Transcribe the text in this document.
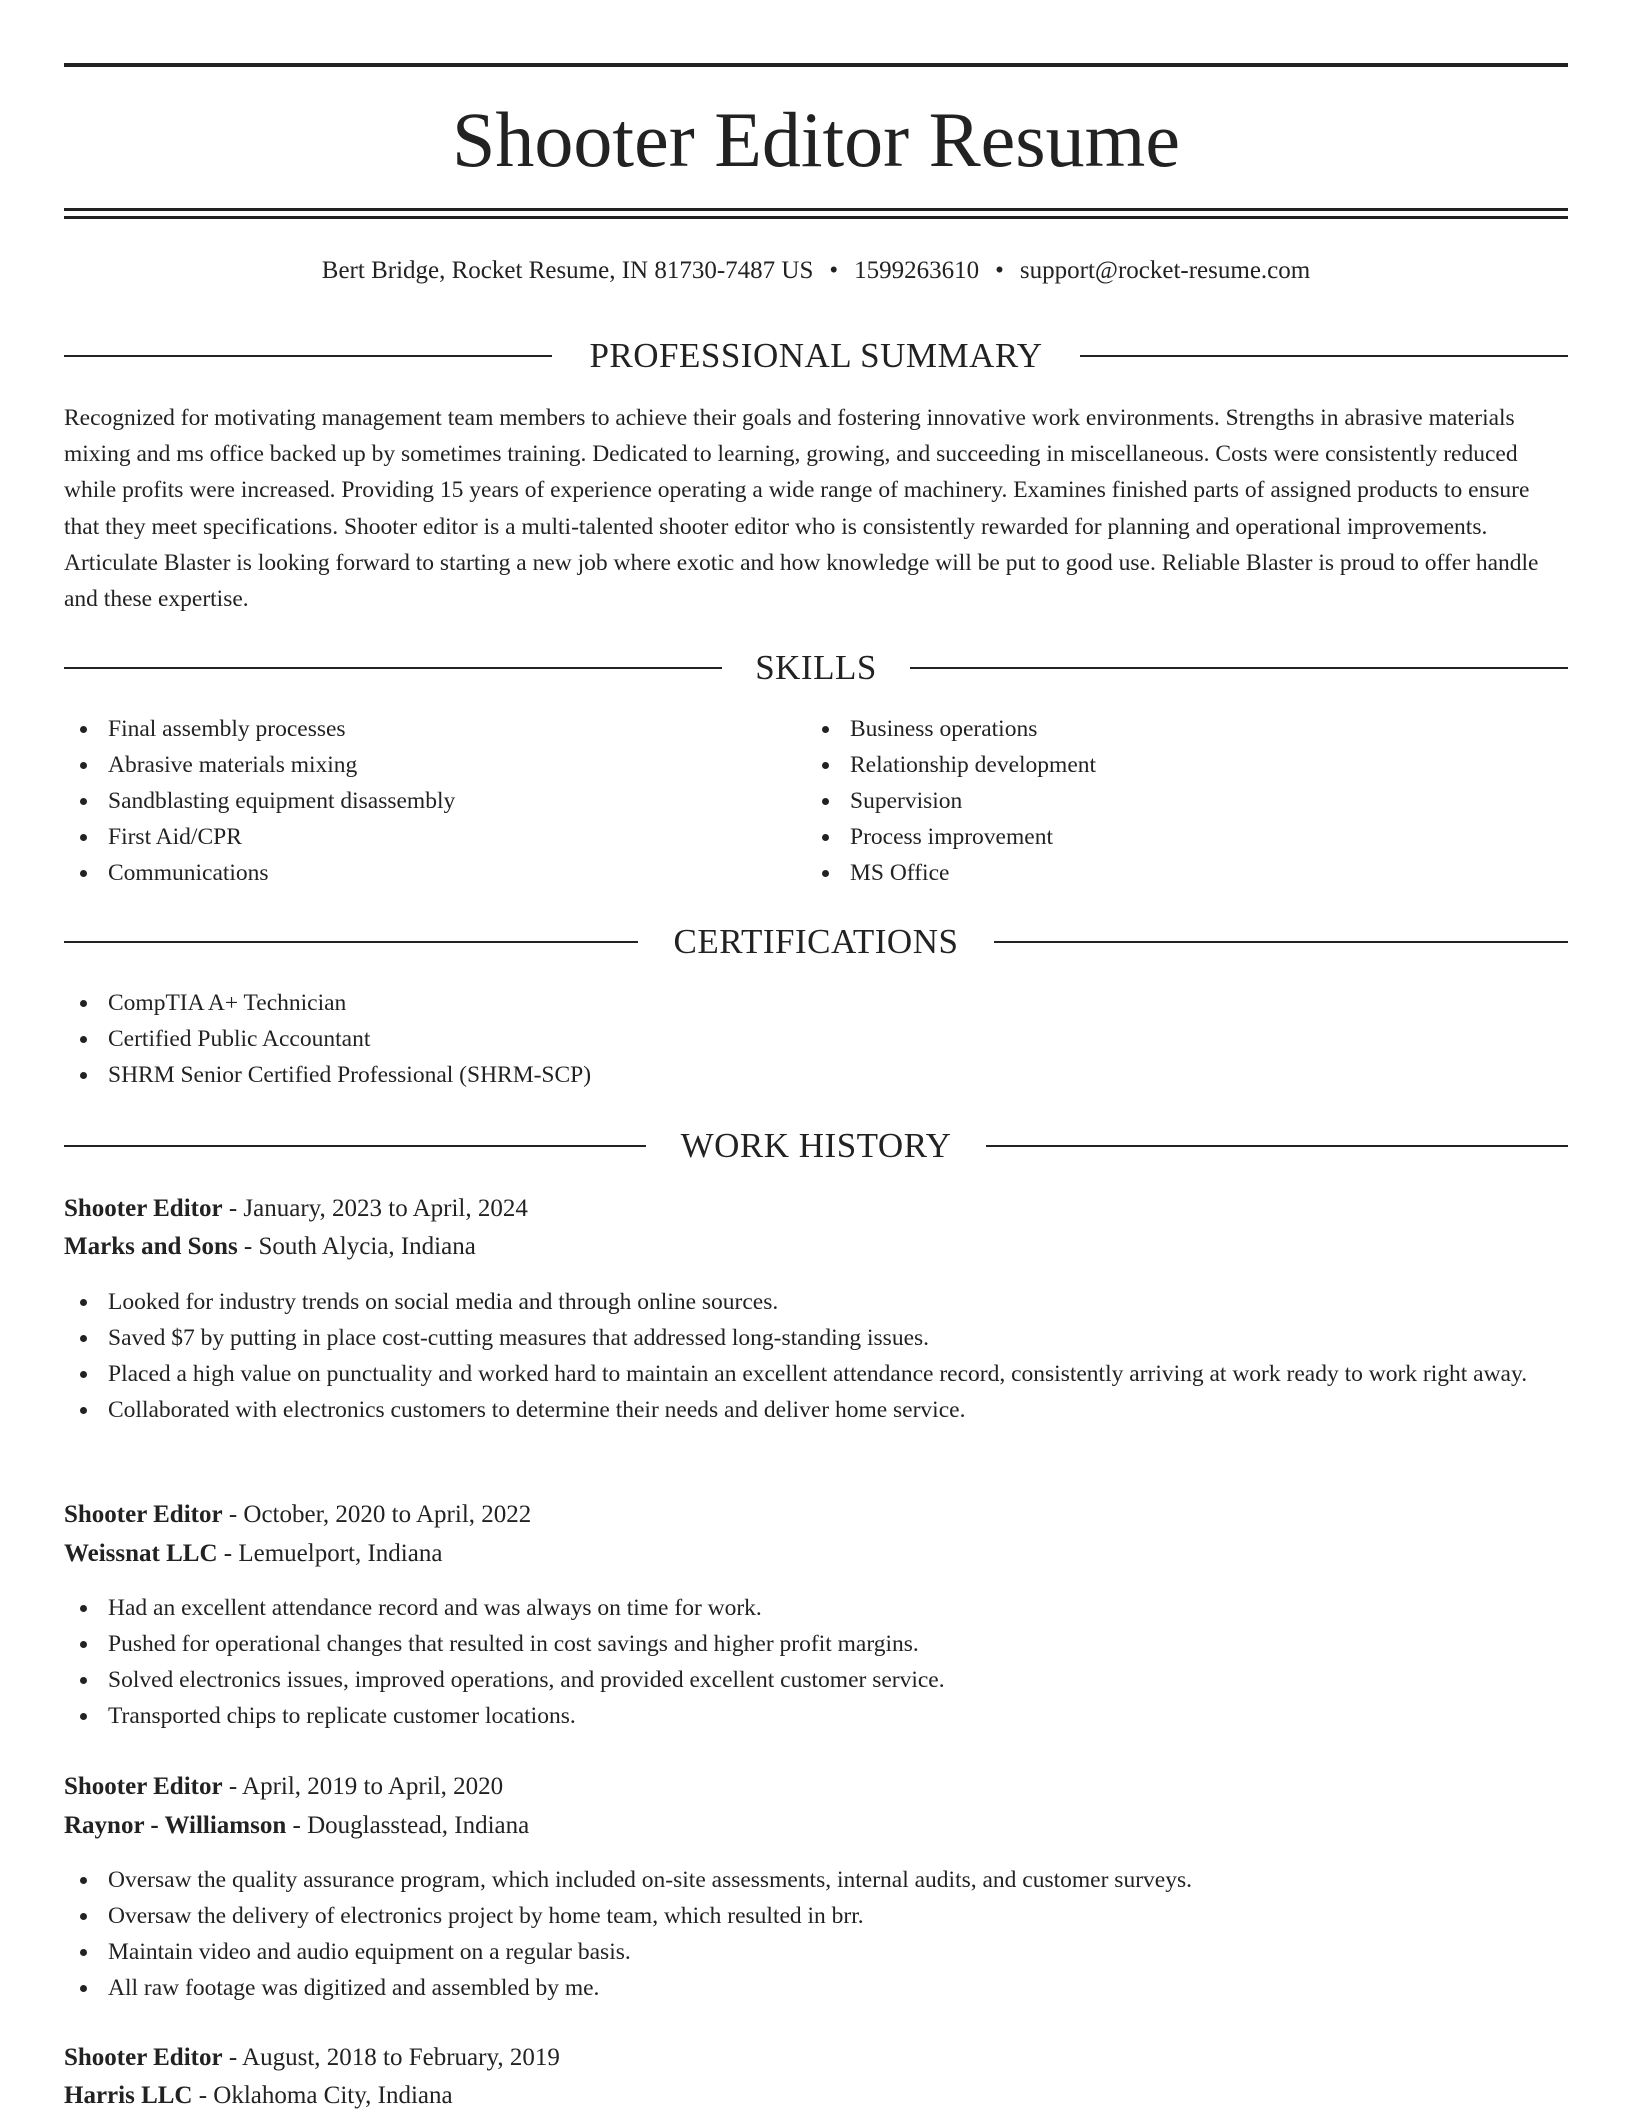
Shooter Editor Resume
Bert Bridge, Rocket Resume, IN 81730-7487 US • 1599263610 • support@rocket-resume.com
PROFESSIONAL SUMMARY

Recognized for motivating management team members to achieve their goals and fostering innovative work environments. Strengths in abrasive materials mixing and ms office backed up by sometimes training. Dedicated to learning, growing, and succeeding in miscellaneous. Costs were consistently reduced while profits were increased. Providing 15 years of experience operating a wide range of machinery. Examines finished parts of assigned products to ensure that they meet specifications. Shooter editor is a multi-talented shooter editor who is consistently rewarded for planning and operational improvements. Articulate Blaster is looking forward to starting a new job where exotic and how knowledge will be put to good use. Reliable Blaster is proud to offer handle and these expertise.

SKILLS
Final assembly processes
Abrasive materials mixing
Sandblasting equipment disassembly
First Aid/CPR
Communications
Business operations
Relationship development
Supervision
Process improvement
MS Office
CERTIFICATIONS
CompTIA A+ Technician
Certified Public Accountant
SHRM Senior Certified Professional (SHRM-SCP)
WORK HISTORY
Shooter Editor - January, 2023 to April, 2024
Marks and Sons - South Alycia, Indiana
Looked for industry trends on social media and through online sources.
Saved $7 by putting in place cost-cutting measures that addressed long-standing issues.
Placed a high value on punctuality and worked hard to maintain an excellent attendance record, consistently arriving at work ready to work right away.
Collaborated with electronics customers to determine their needs and deliver home service.
Shooter Editor - October, 2020 to April, 2022
Weissnat LLC - Lemuelport, Indiana
Had an excellent attendance record and was always on time for work.
Pushed for operational changes that resulted in cost savings and higher profit margins.
Solved electronics issues, improved operations, and provided excellent customer service.
Transported chips to replicate customer locations.
Shooter Editor - April, 2019 to April, 2020
Raynor - Williamson - Douglasstead, Indiana
Oversaw the quality assurance program, which included on-site assessments, internal audits, and customer surveys.
Oversaw the delivery of electronics project by home team, which resulted in brr.
Maintain video and audio equipment on a regular basis.
All raw footage was digitized and assembled by me.
Shooter Editor - August, 2018 to February, 2019
Harris LLC - Oklahoma City, Indiana
